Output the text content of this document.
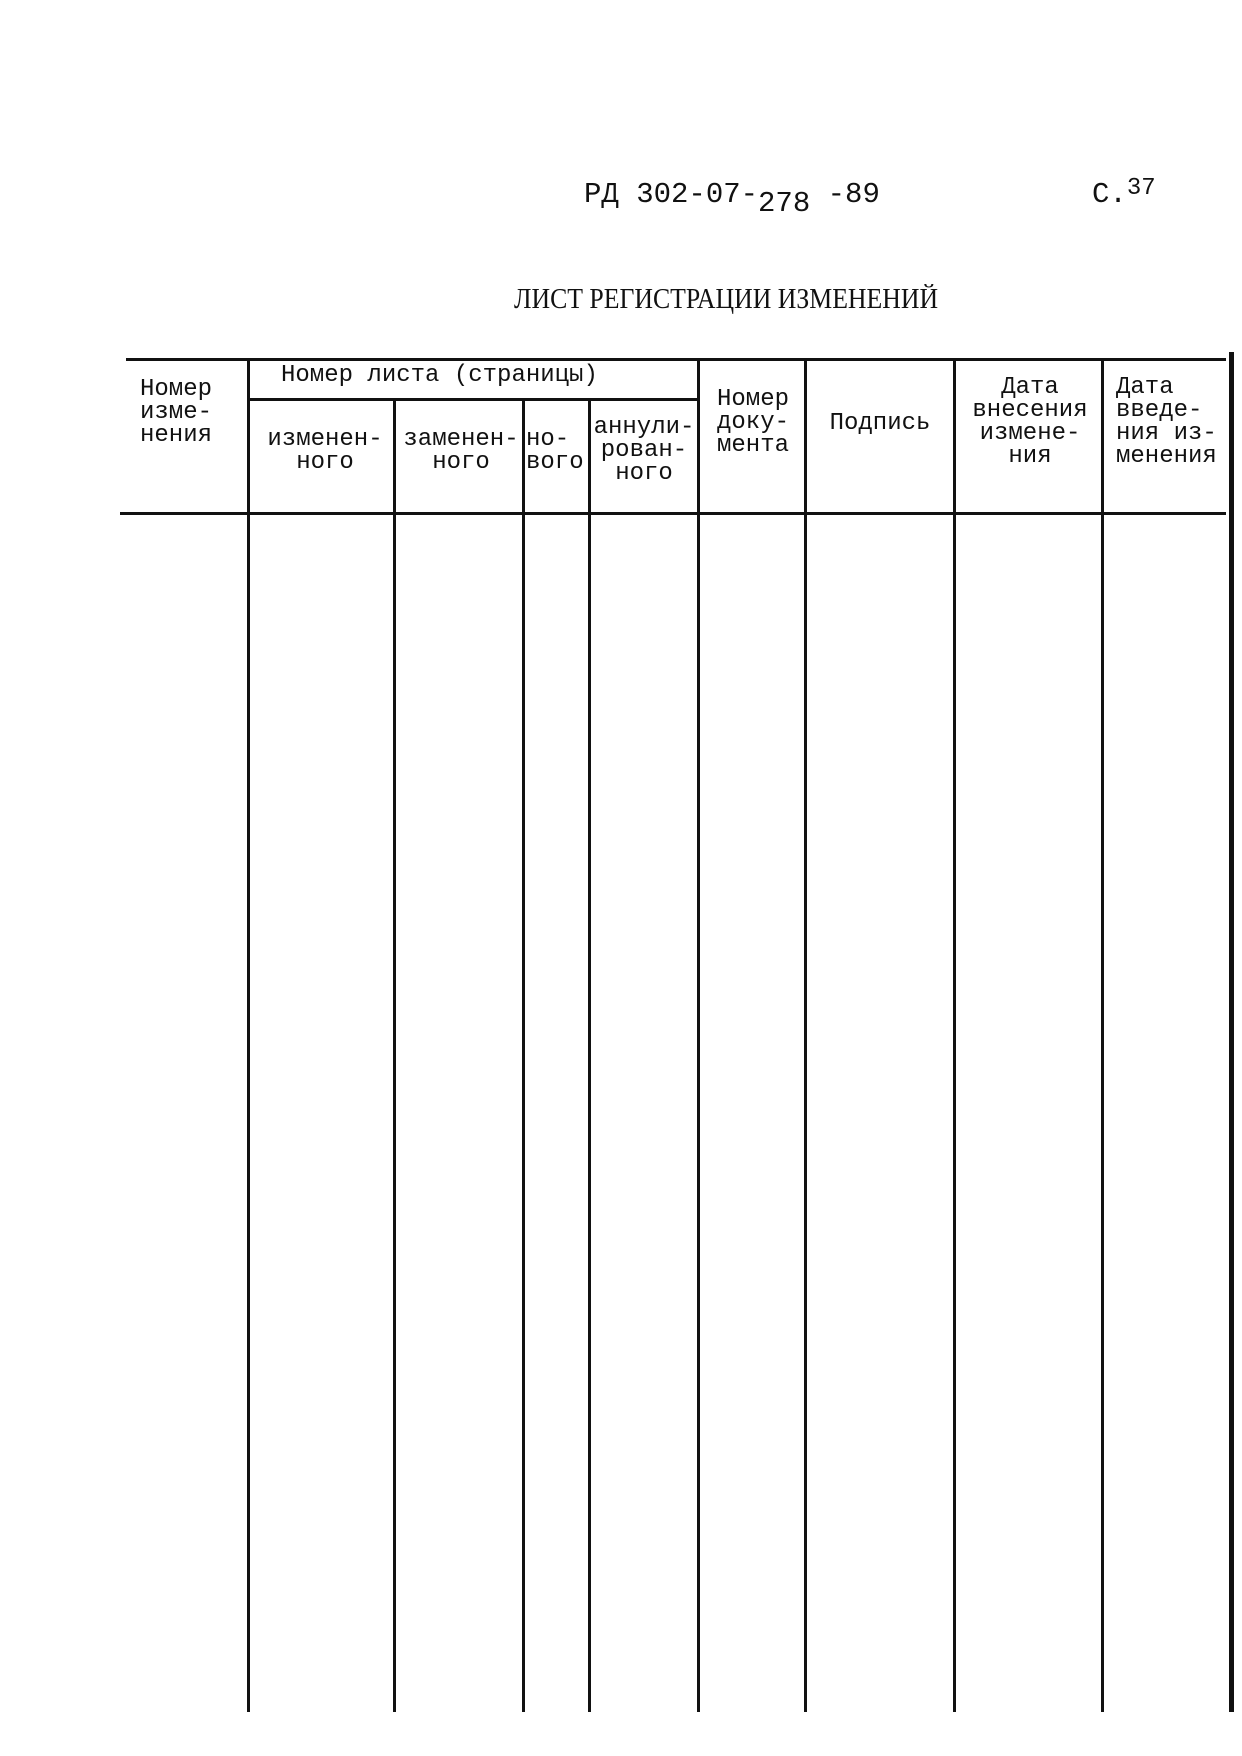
РД 302-07-278 -89	С.$^{37}$
ЛИСТ РЕГИСТРАЦИИ ИЗМЕНЕНИЙ
Номер
изме-
нения
Номер листа (страницы)
изменен-
ного
заменен-
ного
но-
вого
аннули-
рован-
ного
Номер
доку-
мента
Подпись
Дата
внесения
измене-
ния
Дата
введе-
ния из-
менения
